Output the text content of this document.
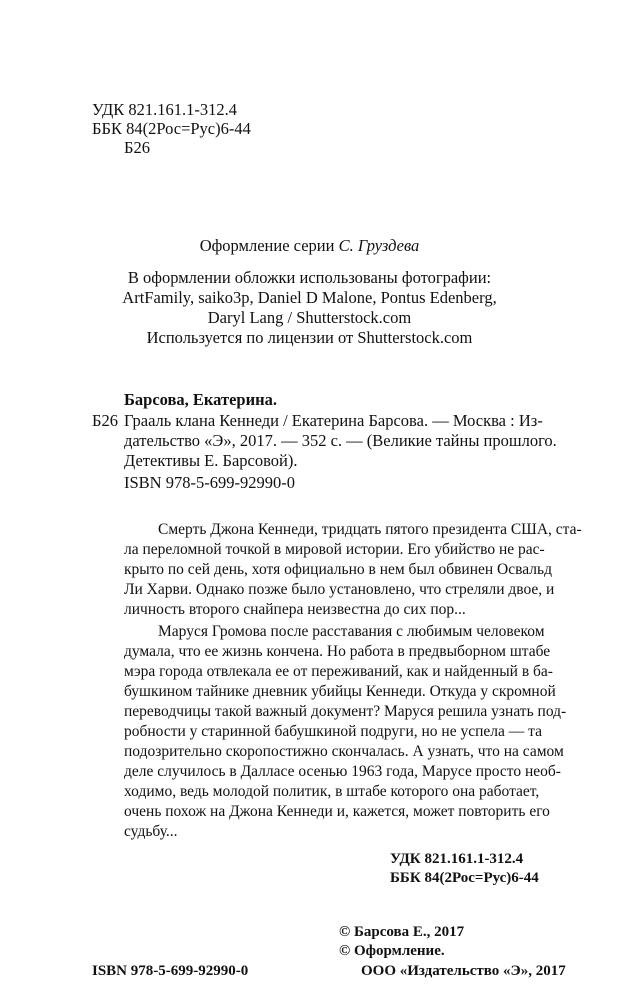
УДК 821.161.1-312.4
ББК 84(2Рос=Рус)6-44
Б26
Оформление серии С. Груздева
В оформлении обложки использованы фотографии:
ArtFamily, saiko3p, Daniel D Malone, Pontus Edenberg,
Daryl Lang / Shutterstock.com
Используется по лицензии от Shutterstock.com
Барсова, Екатерина.
Б26 Грааль клана Кеннеди / Екатерина Барсова. — Москва : Из-
дательство «Э», 2017. — 352 с. — (Великие тайны прошлого.
Детективы Е. Барсовой).
ISBN 978-5-699-92990-0
Смерть Джона Кеннеди, тридцать пятого президента США, ста-
ла переломной точкой в мировой истории. Его убийство не рас-
крыто по сей день, хотя официально в нем был обвинен Освальд
Ли Харви. Однако позже было установлено, что стреляли двое, и
личность второго снайпера неизвестна до сих пор...
Маруся Громова после расставания с любимым человеком
думала, что ее жизнь кончена. Но работа в предвыборном штабе
мэра города отвлекала ее от переживаний, как и найденный в ба-
бушкином тайнике дневник убийцы Кеннеди. Откуда у скромной
переводчицы такой важный документ? Маруся решила узнать под-
робности у старинной бабушкиной подруги, но не успела — та
подозрительно скоропостижно скончалась. А узнать, что на самом
деле случилось в Далласе осенью 1963 года, Марусе просто необ-
ходимо, ведь молодой политик, в штабе которого она работает,
очень похож на Джона Кеннеди и, кажется, может повторить его
судьбу...
УДК 821.161.1-312.4
ББК 84(2Рос=Рус)6-44
© Барсова Е., 2017
© Оформление.
ООО «Издательство «Э», 2017
ISBN 978-5-699-92990-0
